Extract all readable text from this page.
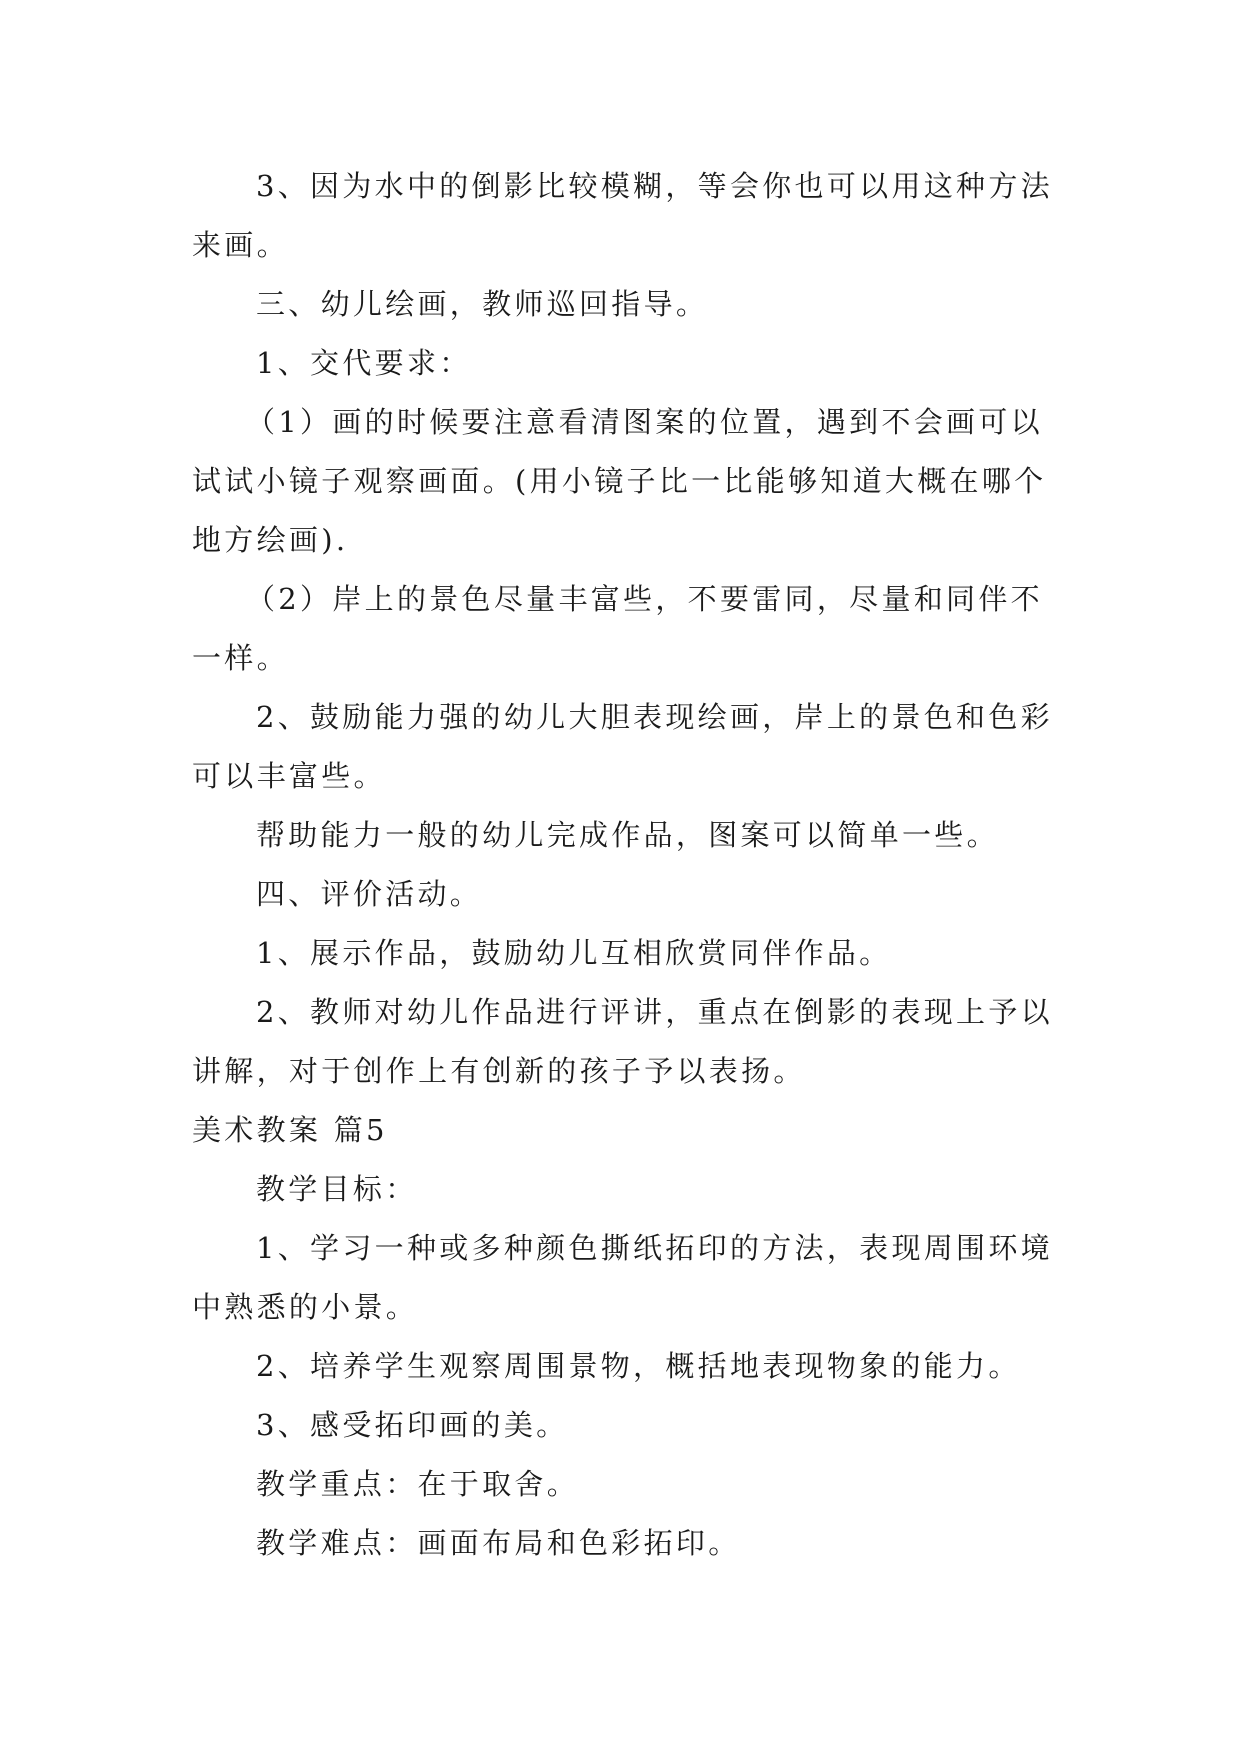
3、因为水中的倒影比较模糊，等会你也可以用这种方法来画。

三、幼儿绘画，教师巡回指导。

1、交代要求：

（1）画的时候要注意看清图案的位置，遇到不会画可以试试小镜子观察画面。(用小镜子比一比能够知道大概在哪个地方绘画).

（2）岸上的景色尽量丰富些，不要雷同，尽量和同伴不一样。

2、鼓励能力强的幼儿大胆表现绘画，岸上的景色和色彩可以丰富些。

帮助能力一般的幼儿完成作品，图案可以简单一些。

四、评价活动。

1、展示作品，鼓励幼儿互相欣赏同伴作品。

2、教师对幼儿作品进行评讲，重点在倒影的表现上予以讲解，对于创作上有创新的孩子予以表扬。

美术教案 篇5

教学目标：

1、学习一种或多种颜色撕纸拓印的方法，表现周围环境中熟悉的小景。

2、培养学生观察周围景物，概括地表现物象的能力。

3、感受拓印画的美。

教学重点：在于取舍。

教学难点：画面布局和色彩拓印。
